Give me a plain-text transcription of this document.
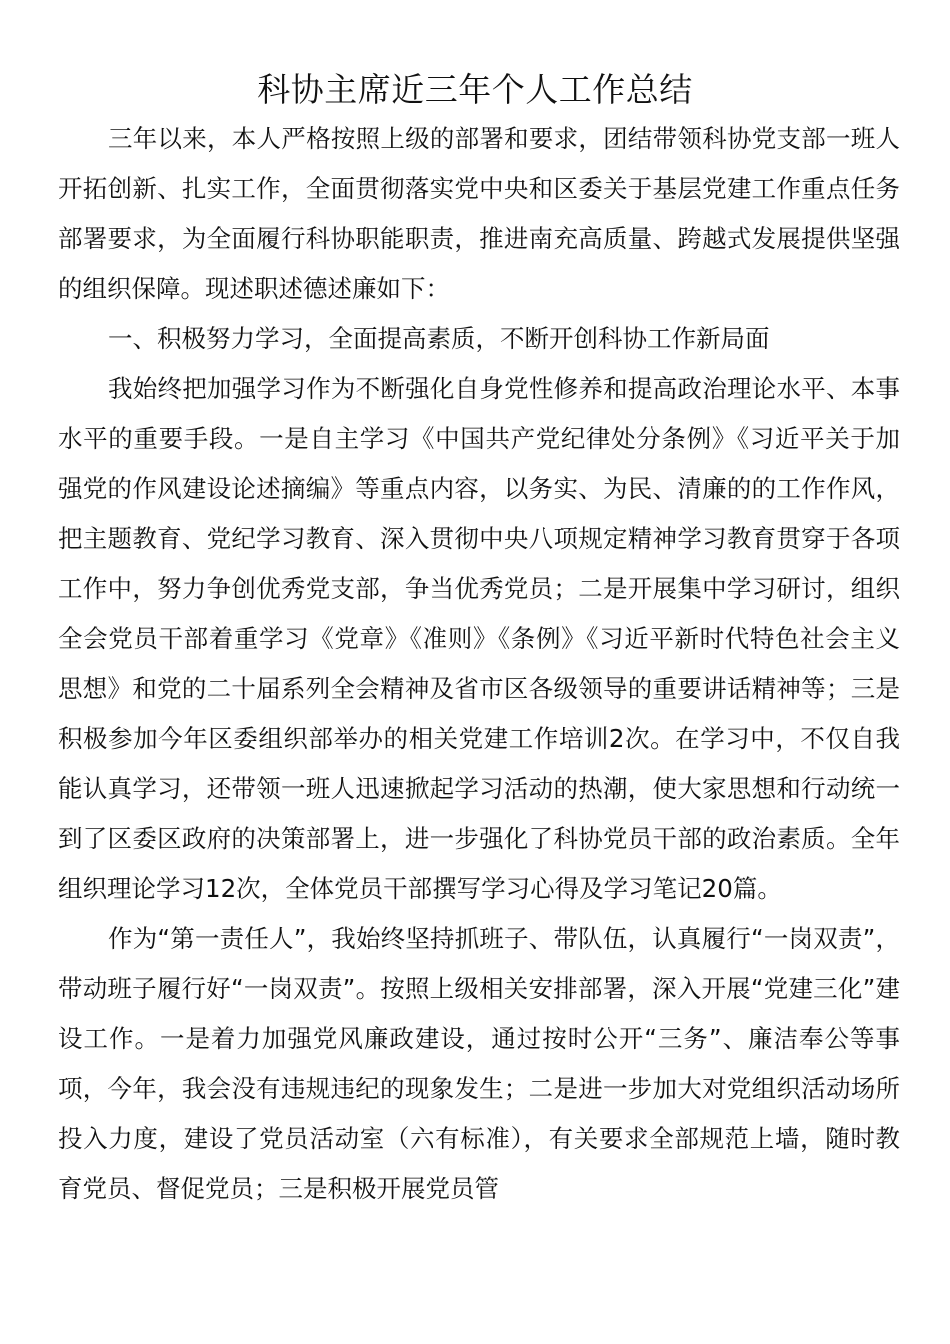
科协主席近三年个人工作总结

三年以来，本人严格按照上级的部署和要求，团结带领科协党支部一班人开拓创新、扎实工作，全面贯彻落实党中央和区委关于基层党建工作重点任务部署要求，为全面履行科协职能职责，推进南充高质量、跨越式发展提供坚强的组织保障。现述职述德述廉如下：

一、积极努力学习，全面提高素质，不断开创科协工作新局面

我始终把加强学习作为不断强化自身党性修养和提高政治理论水平、本事水平的重要手段。一是自主学习《中国共产党纪律处分条例》《习近平关于加强党的作风建设论述摘编》等重点内容，以务实、为民、清廉的的工作作风，把主题教育、党纪学习教育、深入贯彻中央八项规定精神学习教育贯穿于各项工作中，努力争创优秀党支部，争当优秀党员；二是开展集中学习研讨，组织全会党员干部着重学习《党章》《准则》《条例》《习近平新时代特色社会主义思想》和党的二十届系列全会精神及省市区各级领导的重要讲话精神等；三是积极参加今年区委组织部举办的相关党建工作培训2次。在学习中，不仅自我能认真学习，还带领一班人迅速掀起学习活动的热潮，使大家思想和行动统一到了区委区政府的决策部署上，进一步强化了科协党员干部的政治素质。全年组织理论学习12次，全体党员干部撰写学习心得及学习笔记20篇。

作为“第一责任人”，我始终坚持抓班子、带队伍，认真履行“一岗双责”，带动班子履行好“一岗双责”。按照上级相关安排部署，深入开展“党建三化”建设工作。一是着力加强党风廉政建设，通过按时公开“三务”、廉洁奉公等事项，今年，我会没有违规违纪的现象发生；二是进一步加大对党组织活动场所投入力度，建设了党员活动室（六有标准），有关要求全部规范上墙，随时教育党员、督促党员；三是积极开展党员管
